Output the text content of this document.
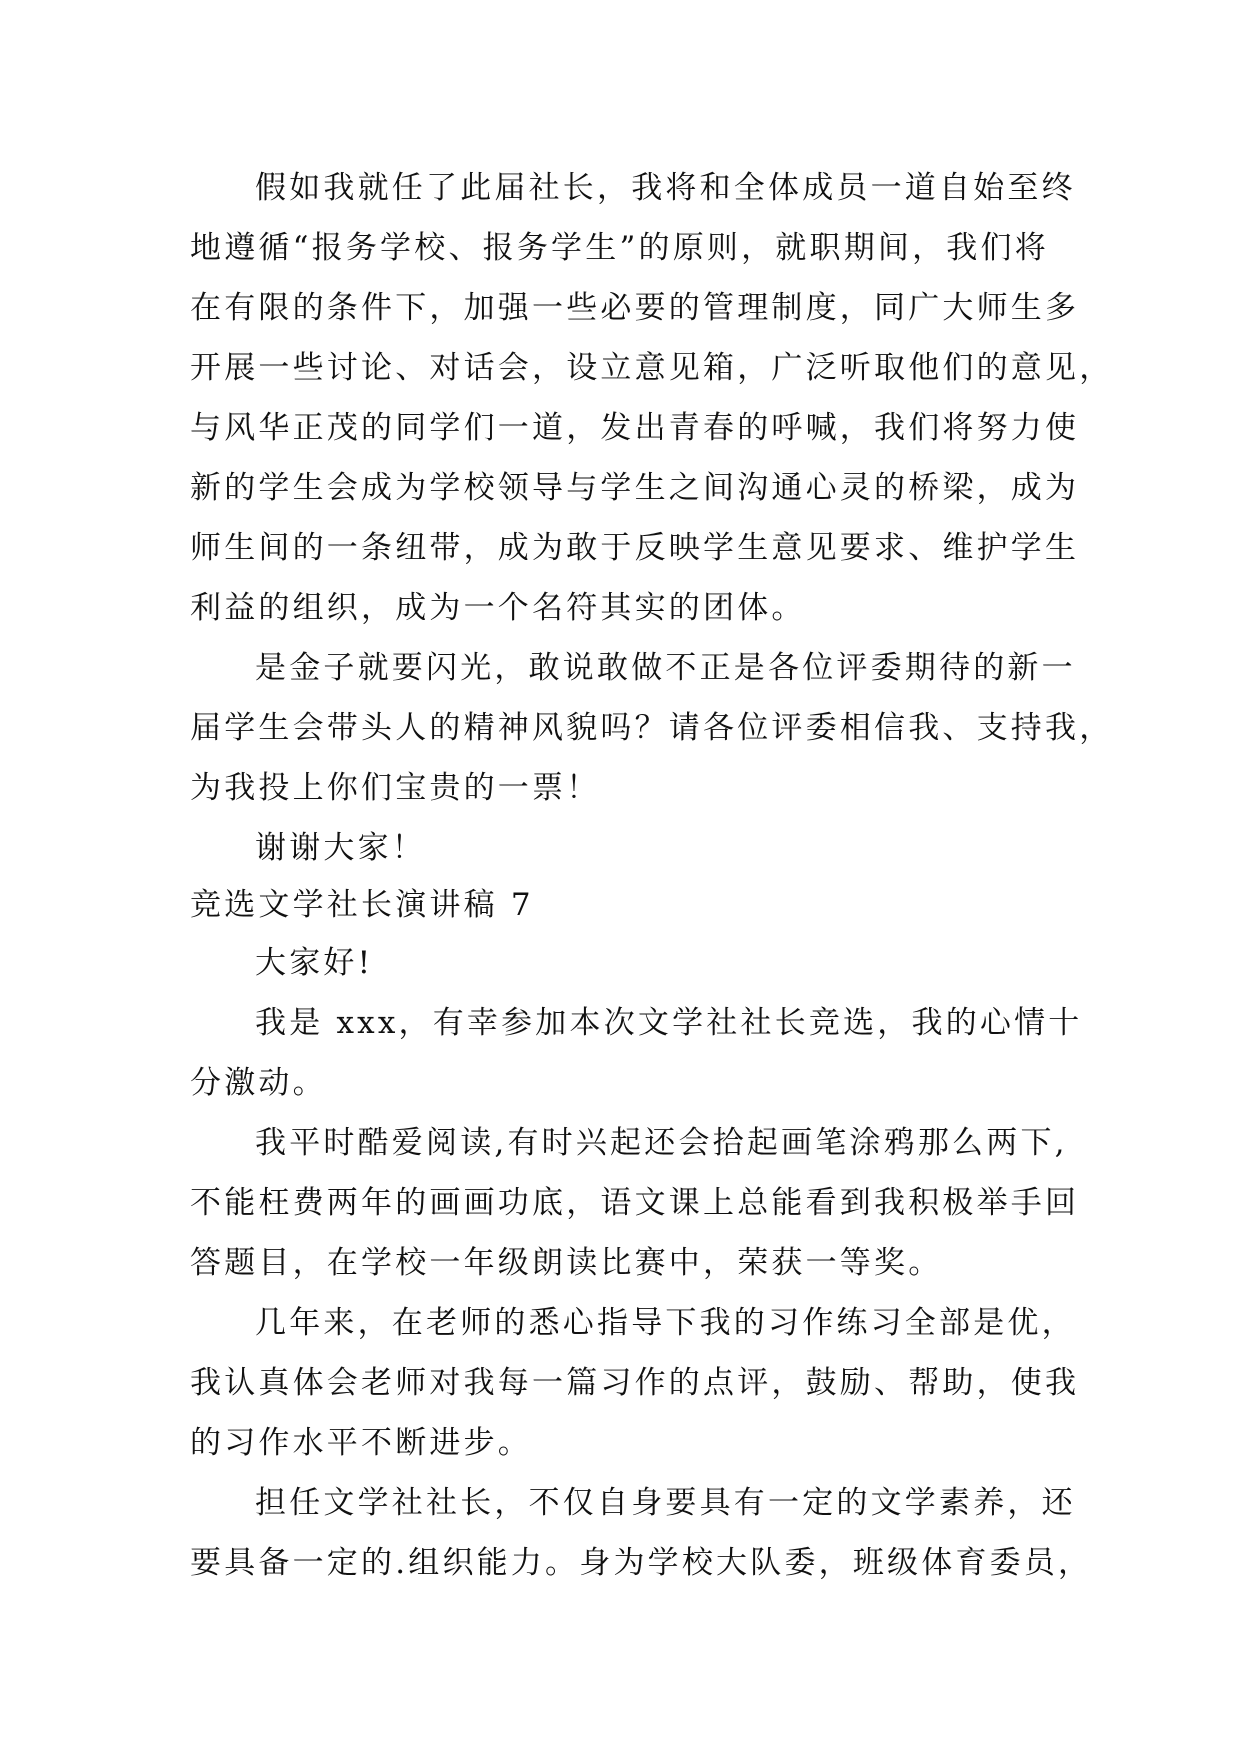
假如我就任了此届社长，我将和全体成员一道自始至终
地遵循“报务学校、报务学生”的原则，就职期间，我们将
在有限的条件下，加强一些必要的管理制度，同广大师生多
开展一些讨论、对话会，设立意见箱，广泛听取他们的意见，
与风华正茂的同学们一道，发出青春的呼喊，我们将努力使
新的学生会成为学校领导与学生之间沟通心灵的桥梁，成为
师生间的一条纽带，成为敢于反映学生意见要求、维护学生
利益的组织，成为一个名符其实的团体。
是金子就要闪光，敢说敢做不正是各位评委期待的新一
届学生会带头人的精神风貌吗？请各位评委相信我、支持我，
为我投上你们宝贵的一票！
谢谢大家！
竞选文学社长演讲稿 7
大家好!
我是 xxx，有幸参加本次文学社社长竞选，我的心情十
分激动。
我平时酷爱阅读,有时兴起还会拾起画笔涂鸦那么两下,
不能枉费两年的画画功底，语文课上总能看到我积极举手回
答题目，在学校一年级朗读比赛中，荣获一等奖。
几年来，在老师的悉心指导下我的习作练习全部是优，
我认真体会老师对我每一篇习作的点评，鼓励、帮助，使我
的习作水平不断进步。
担任文学社社长，不仅自身要具有一定的文学素养，还
要具备一定的.组织能力。身为学校大队委，班级体育委员，
